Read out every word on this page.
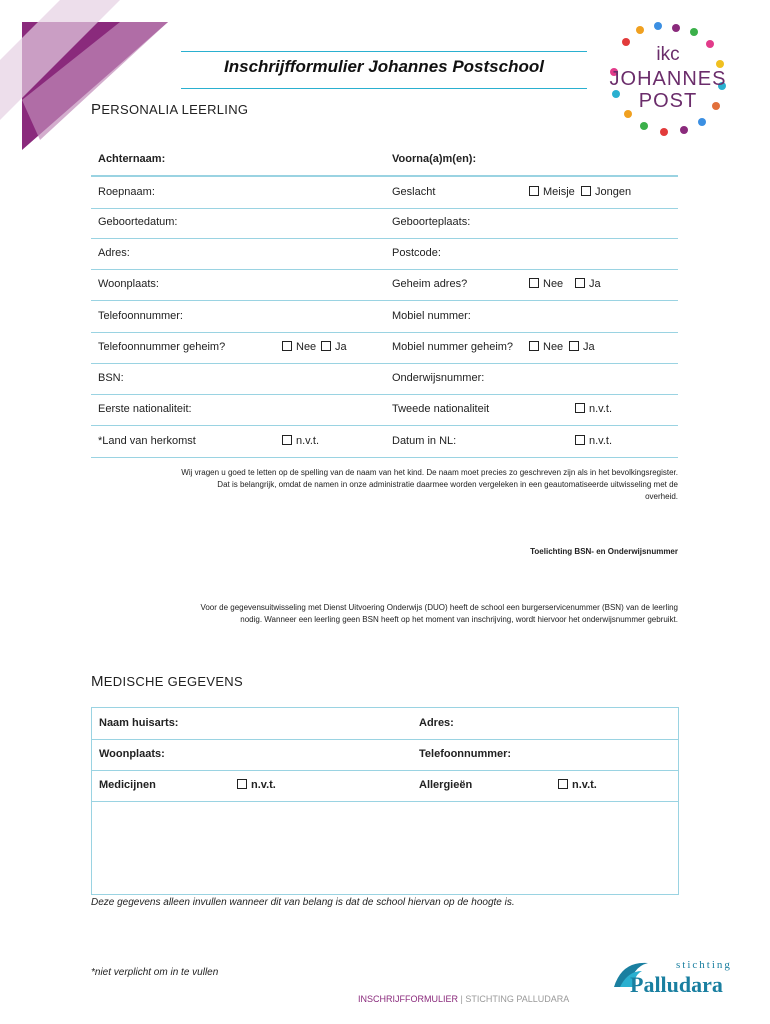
Inschrijfformulier Johannes Postschool
ikc
JOHANNES
POST
PERSONALIA LEERLING
Achternaam:	Voorna(a)m(en):
Roepnaam:	Geslacht	Meisje	Jongen
Geboortedatum:	Geboorteplaats:
Adres:	Postcode:
Woonplaats:	Geheim adres?	Nee	Ja
Telefoonnummer:	Mobiel nummer:
Telefoonnummer geheim?	Nee	Ja	Mobiel nummer geheim?	Nee	Ja
BSN:	Onderwijsnummer:
Eerste nationaliteit:	Tweede nationaliteit	n.v.t.
*Land van herkomst	n.v.t.	Datum in NL:	n.v.t.
Wij vragen u goed te letten op de spelling van de naam van het kind. De naam moet precies zo geschreven zijn als in het bevolkingsregister.
Dat is belangrijk, omdat de namen in onze administratie daarmee worden vergeleken in een geautomatiseerde uitwisseling met de
overheid.
Toelichting BSN- en Onderwijsnummer
Voor de gegevensuitwisseling met Dienst Uitvoering Onderwijs (DUO) heeft de school een burgerservicenummer (BSN) van de leerling
nodig. Wanneer een leerling geen BSN heeft op het moment van inschrijving, wordt hiervoor het onderwijsnummer gebruikt.
MEDISCHE GEGEVENS
Naam huisarts:	Adres:
Woonplaats:	Telefoonnummer:
Medicijnen	n.v.t.	Allergieën	n.v.t.
Deze gegevens alleen invullen wanneer dit van belang is dat de school hiervan op de hoogte is.
*niet verplicht om in te vullen
INSCHRIJFFORMULIER | STICHTING PALLUDARA
stichting
Palludara
